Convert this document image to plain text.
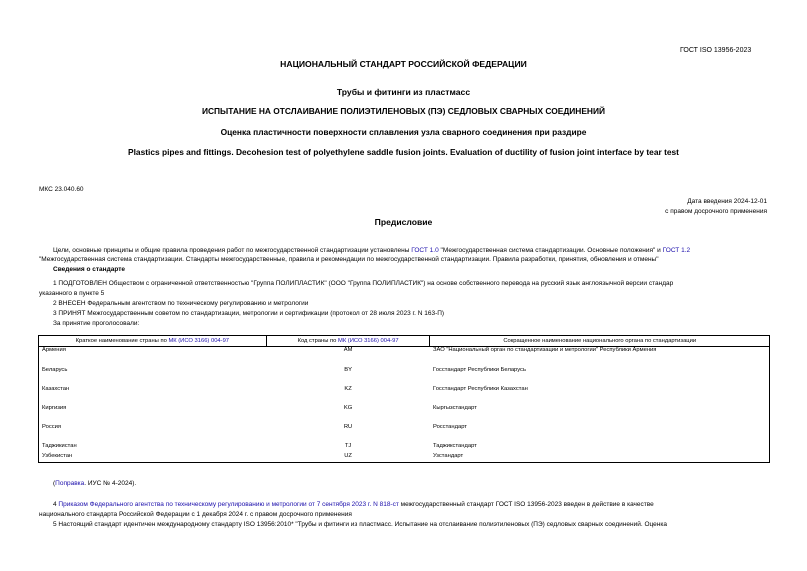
ГОСТ ISO 13956-2023
НАЦИОНАЛЬНЫЙ СТАНДАРТ РОССИЙСКОЙ ФЕДЕРАЦИИ
Трубы и фитинги из пластмасс
ИСПЫТАНИЕ НА ОТСЛАИВАНИЕ ПОЛИЭТИЛЕНОВЫХ (ПЭ) СЕДЛОВЫХ СВАРНЫХ СОЕДИНЕНИЙ
Оценка пластичности поверхности сплавления узла сварного соединения при раздире
Plastics pipes and fittings. Decohesion test of polyethylene saddle fusion joints. Evaluation of ductility of fusion joint interface by tear test
МКС 23.040.60
Дата введения 2024-12-01
с правом досрочного применения
Предисловие
Цели, основные принципы и общие правила проведения работ по межгосударственной стандартизации установлены ГОСТ 1.0 "Межгосударственная система стандартизации. Основные положения" и ГОСТ 1.2
"Межгосударственная система стандартизации. Стандарты межгосударственные, правила и рекомендации по межгосударственной стандартизации. Правила разработки, принятия, обновления и отмены"
Сведения о стандарте
1 ПОДГОТОВЛЕН Обществом с ограниченной ответственностью "Группа ПОЛИПЛАСТИК" (ООО "Группа ПОЛИПЛАСТИК") на основе собственного перевода на русский язык англоязычной версии стандар
указанного в пункте 5
2 ВНЕСЕН Федеральным агентством по техническому регулированию и метрологии
3 ПРИНЯТ Межгосударственным советом по стандартизации, метрологии и сертификации (протокол от 28 июля 2023 г. N 163-П)
За принятие проголосовали:
Краткое наименование страны по МК (ИСО 3166) 004-97	Код страны по МК (ИСО 3166) 004-97	Сокращенное наименование национального органа по стандартизации
Армения	AM	ЗАО "Национальный орган по стандартизации и метрологии" Республики Армения
Беларусь	BY	Госстандарт Республики Беларусь
Казахстан	KZ	Госстандарт Республики Казахстан
Киргизия	KG	Кыргызстандарт
Россия	RU	Росстандарт
Таджикистан	TJ	Таджикстандарт
Узбекистан	UZ	Узстандарт
(Поправка. ИУС № 4-2024).
4 Приказом Федерального агентства по техническому регулированию и метрологии от 7 сентября 2023 г. N 818-ст межгосударственный стандарт ГОСТ ISO 13956-2023 введен в действие в качестве
национального стандарта Российской Федерации с 1 декабря 2024 г. с правом досрочного применения
5 Настоящий стандарт идентичен международному стандарту ISO 13956:2010* "Трубы и фитинги из пластмасс. Испытание на отслаивание полиэтиленовых (ПЭ) седловых сварных соединений. Оценка
